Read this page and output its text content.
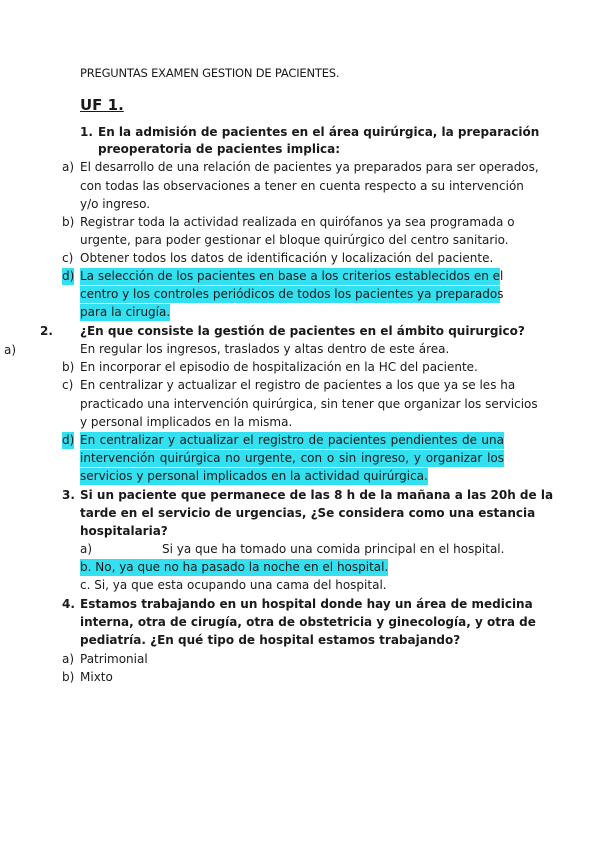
PREGUNTAS EXAMEN GESTION DE PACIENTES.
UF 1.
1. En la admisión de pacientes en el área quirúrgica, la preparación
preoperatoria de pacientes implica:
a) El desarrollo de una relación de pacientes ya preparados para ser operados,
con todas las observaciones a tener en cuenta respecto a su intervención
y/o ingreso.
b) Registrar toda la actividad realizada en quirófanos ya sea programada o
urgente, para poder gestionar el bloque quirúrgico del centro sanitario.
c) Obtener todos los datos de identificación y localización del paciente.
d) La selección de los pacientes en base a los criterios establecidos en el
centro y los controles periódicos de todos los pacientes ya preparados
para la cirugía.
2. ¿En que consiste la gestión de pacientes en el ámbito quirurgico?
a)	En regular los ingresos, traslados y altas dentro de este área.
b) En incorporar el episodio de hospitalización en la HC del paciente.
c) En centralizar y actualizar el registro de pacientes a los que ya se les ha
practicado una intervención quirúrgica, sin tener que organizar los servicios
y personal implicados en la misma.
d) En centralizar y actualizar el registro de pacientes pendientes de una
intervención quirúrgica no urgente, con o sin ingreso, y organizar los
servicios y personal implicados en la actividad quirúrgica.
3. Si un paciente que permanece de las 8 h de la mañana a las 20h de la
tarde en el servicio de urgencias, ¿Se considera como una estancia
hospitalaria?
a)	Si ya que ha tomado una comida principal en el hospital.
b. No, ya que no ha pasado la noche en el hospital.
c. Si, ya que esta ocupando una cama del hospital.
4. Estamos trabajando en un hospital donde hay un área de medicina
interna, otra de cirugía, otra de obstetricia y ginecología, y otra de
pediatría. ¿En qué tipo de hospital estamos trabajando?
a) Patrimonial
b) Mixto
